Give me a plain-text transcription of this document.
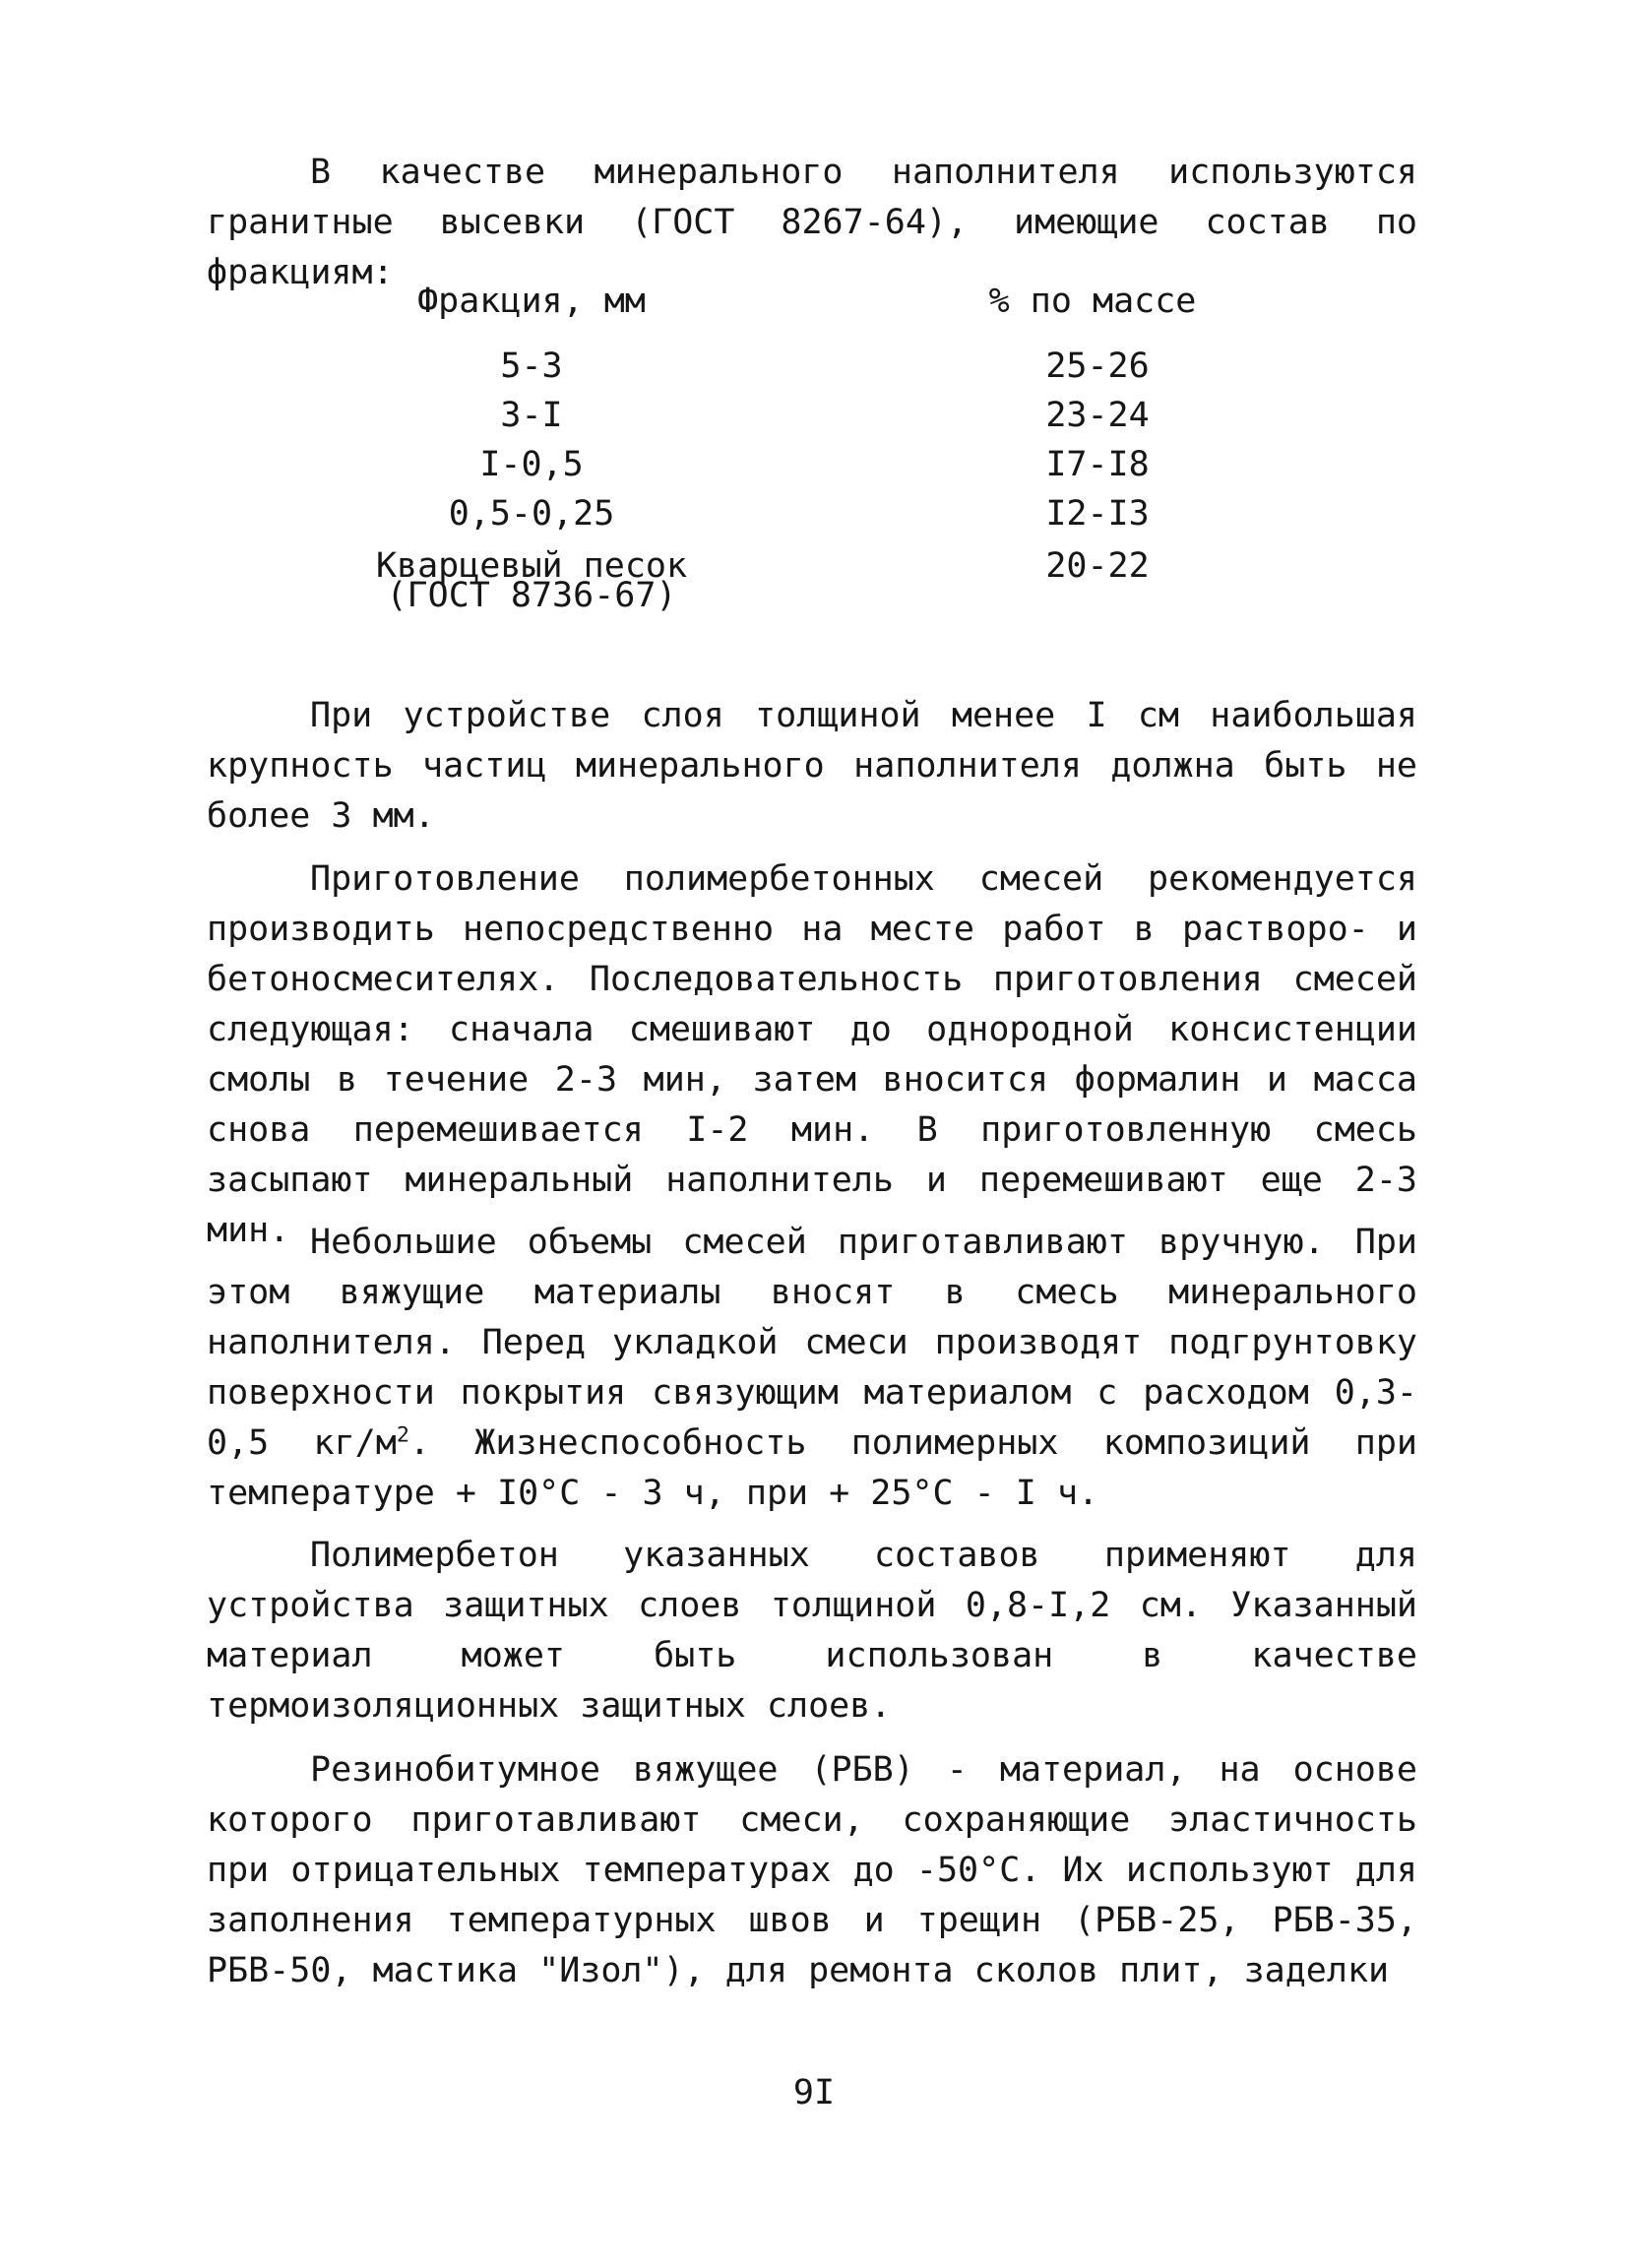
В качестве минерального наполнителя используются гранитные высевки (ГОСТ 8267-64), имеющие состав по фракциям:

Фракция, мм	% по массе
5-3	25-26
3-I	23-24
I-0,5	I7-I8
0,5-0,25	I2-I3
Кварцевый песок	20-22
(ГОСТ 8736-67)

При устройстве слоя толщиной менее I см наибольшая крупность частиц минерального наполнителя должна быть не более 3 мм.

Приготовление полимербетонных смесей рекомендуется производить непосредственно на месте работ в растворо- и бетоносмесителях. Последовательность приготовления смесей следующая: сначала смешивают до однородной консистенции смолы в течение 2-3 мин, затем вносится формалин и масса снова перемешивается I-2 мин. В приготовленную смесь засыпают минеральный наполнитель и перемешивают еще 2-3 мин. Небольшие объемы смесей приготавливают вручную. При этом вяжущие материалы вносят в смесь минерального наполнителя. Перед укладкой смеси производят подгрунтовку поверхности покрытия связующим материалом с расходом 0,3-0,5 $кг/м^2$. Жизнеспособность полимерных композиций при температуре + I0°C - 3 ч, при + 25°C - I ч.

Полимербетон указанных составов применяют для устройства защитных слоев толщиной 0,8-I,2 см. Указанный материал может быть использован в качестве термоизоляционных защитных слоев.

Резинобитумное вяжущее (РБВ) - материал, на основе которого приготавливают смеси, сохраняющие эластичность при отрицательных температурах до -50°C. Их используют для заполнения температурных швов и трещин (РБВ-25, РБВ-35, РБВ-50, мастика "Изол"), для ремонта сколов плит, заделки

9I
